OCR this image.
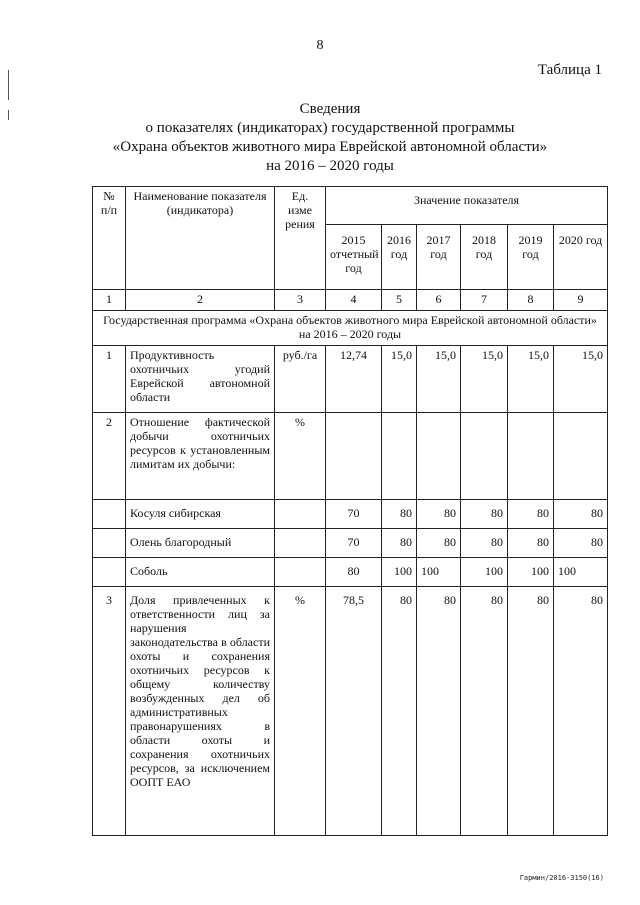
8
Таблица 1
Сведения
о показателях (индикаторах) государственной программы
«Охрана объектов животного мира Еврейской автономной области»
на 2016 – 2020 годы
№ п/п	Наименование показателя (индикатора)	Ед. изме рения	Значение показателя					
			2015 отчетный год	2016 год	2017 год	2018 год	2019 год	2020 год
1	2	3	4	5	6	7	8	9
Государственная программа «Охрана объектов животного мира Еврейской автономной области» на 2016 – 2020 годы								
1	Продуктивность охотничьих угодий Еврейской автономной области	руб./га	12,74	15,0	15,0	15,0	15,0	15,0
2	Отношение фактической добычи охотничьих ресурсов к установленным лимитам их добычи:	%						
	Косуля сибирская		70	80	80	80	80	80
	Олень благородный		70	80	80	80	80	80
	Соболь		80	100	100	100	100	100
3	Доля привлеченных к ответственности лиц за нарушения законодательства в области охоты и сохранения охотничьих ресурсов к общему количеству возбужденных дел об административных правонарушениях в области охоты и сохранения охотничьих ресурсов, за исключением ООПТ ЕАО	%	78,5	80	80	80	80	80
Гармин/2016-3150(16)
